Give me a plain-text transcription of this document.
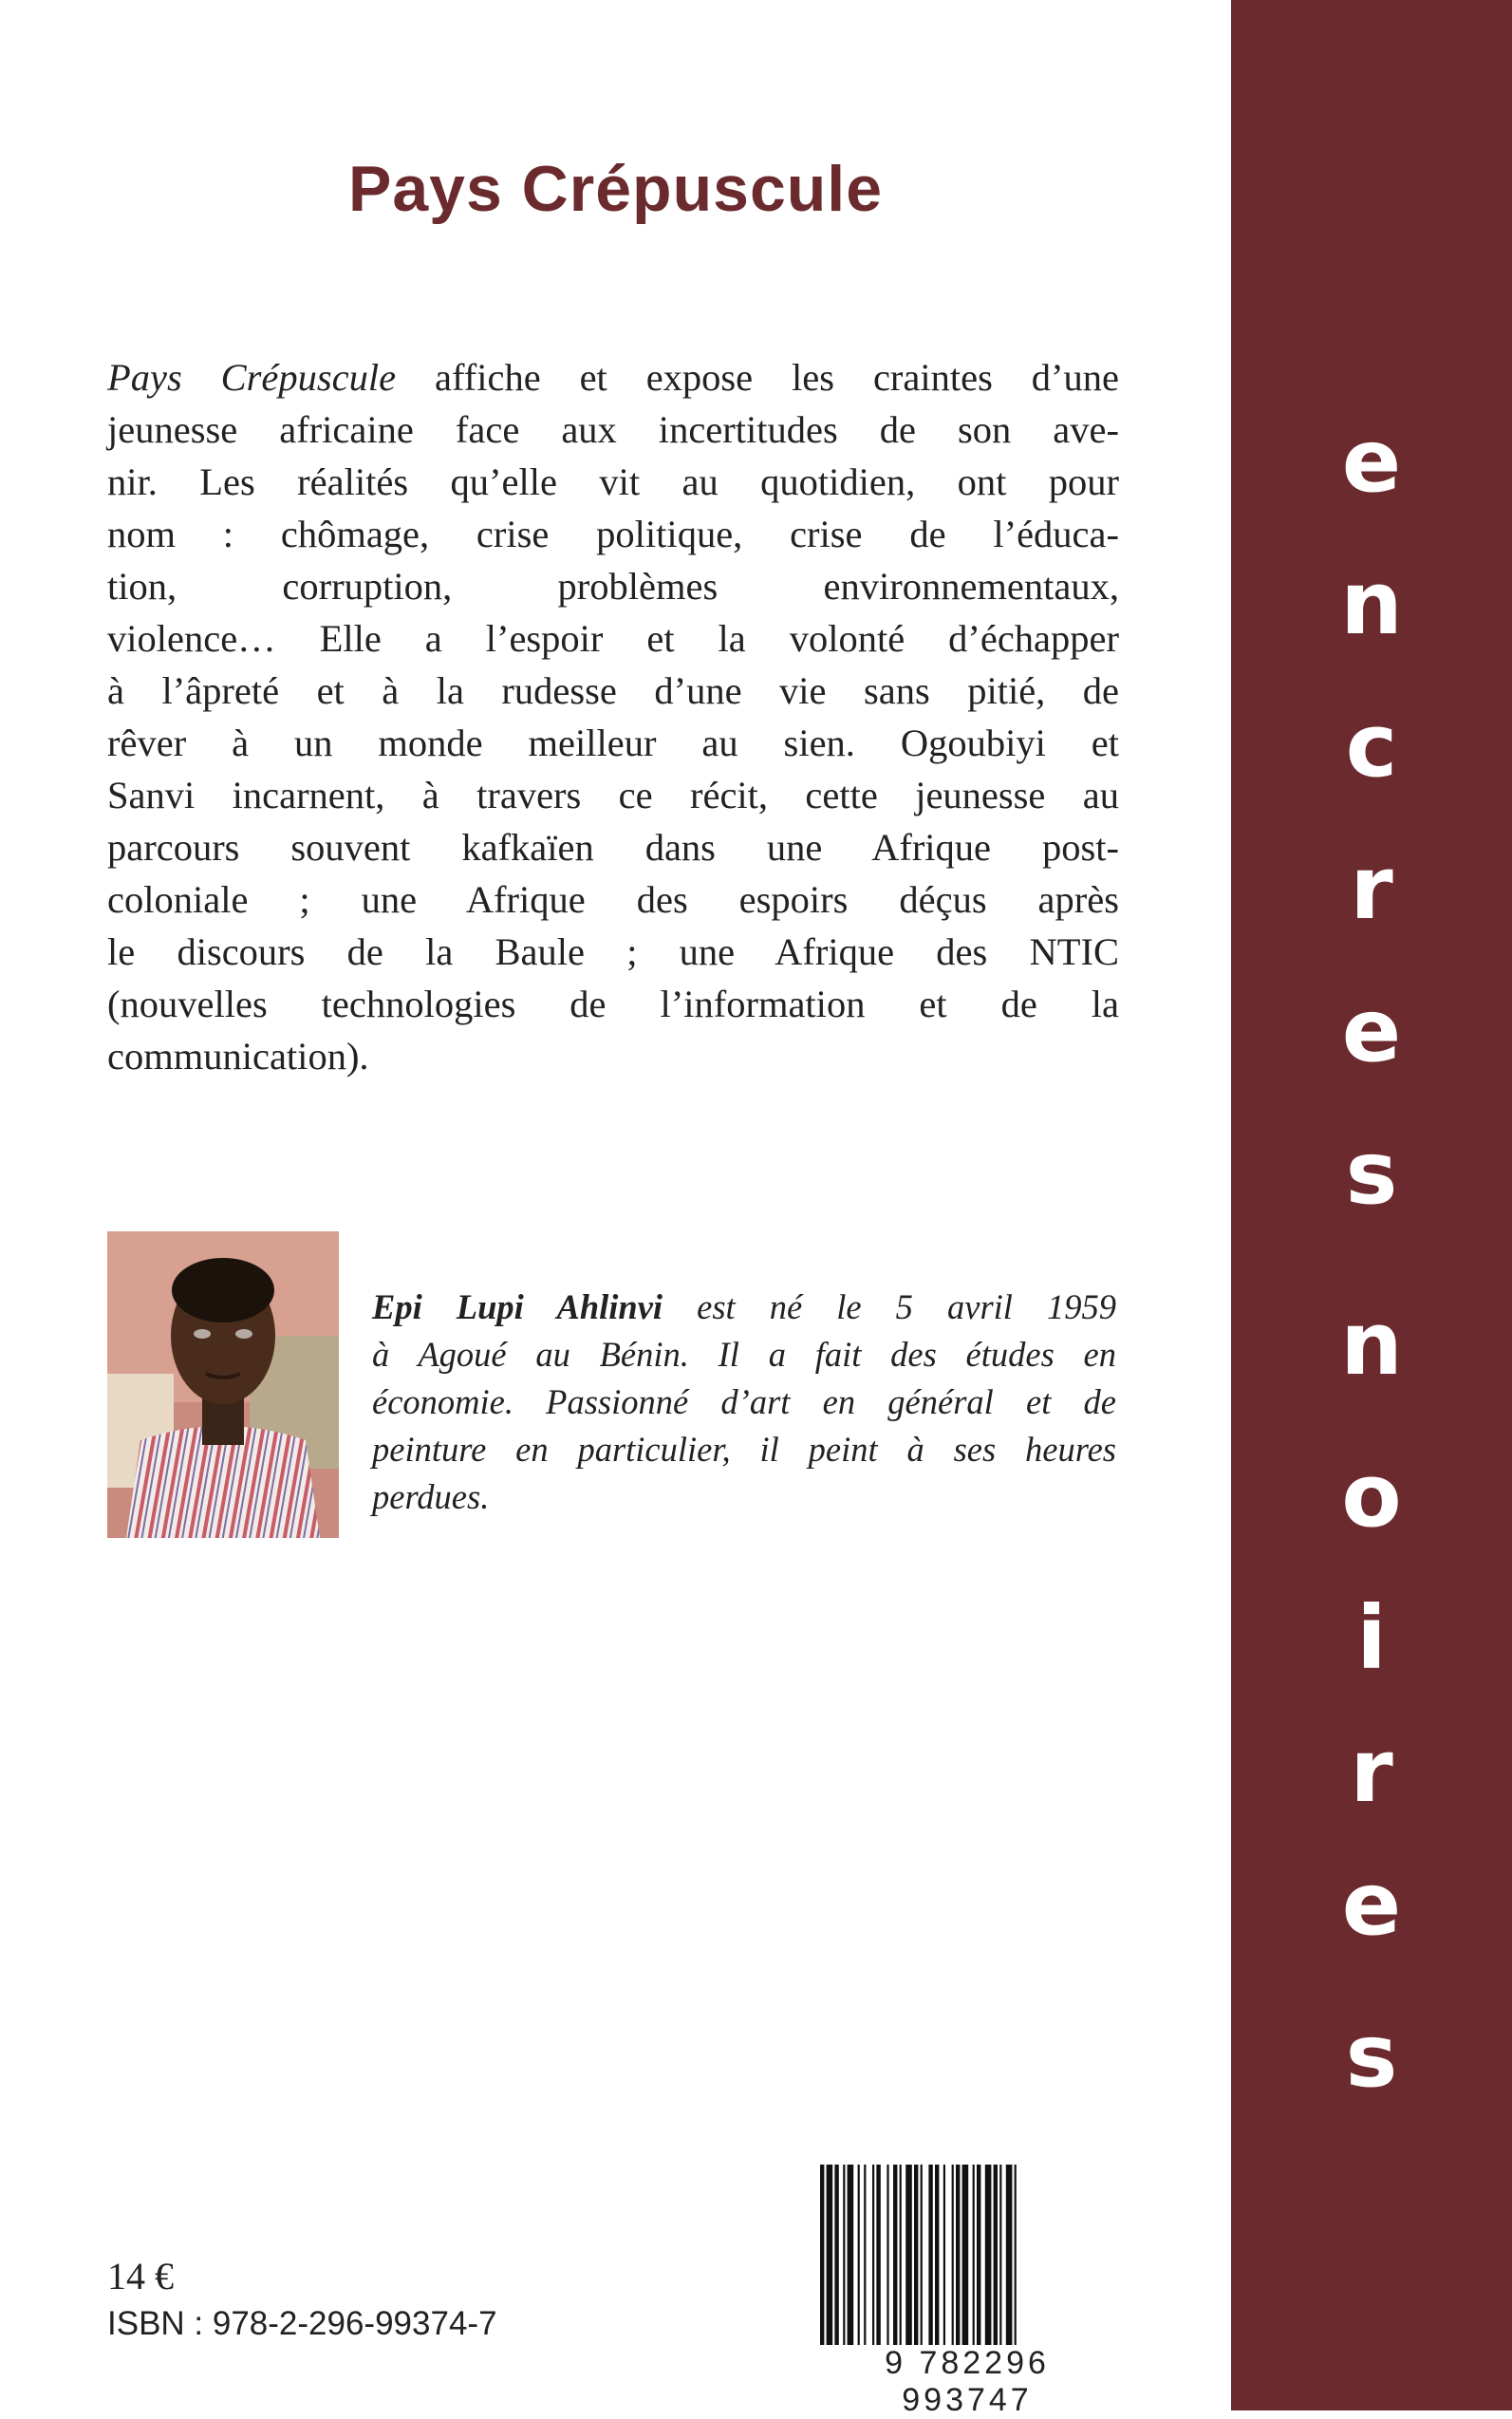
e
n
c
r
e
s
n
o
i
r
e
s
Pays Crépuscule
Pays Crépuscule affiche et expose les craintes d’une
jeunesse africaine face aux incertitudes de son ave-
nir. Les réalités qu’elle vit au quotidien, ont pour
nom : chômage, crise politique, crise de l’éduca-
tion, corruption, problèmes environnementaux,
violence… Elle a l’espoir et la volonté d’échapper
à l’âpreté et à la rudesse d’une vie sans pitié, de
rêver à un monde meilleur au sien. Ogoubiyi et
Sanvi incarnent, à travers ce récit, cette jeunesse au
parcours souvent kafkaïen dans une Afrique post-
coloniale ; une Afrique des espoirs déçus après
le discours de la Baule ; une Afrique des NTIC
(nouvelles technologies de l’information et de la
communication).
Epi Lupi Ahlinvi est né le 5 avril 1959
à Agoué au Bénin. Il a fait des études en
économie. Passionné d’art en général et de
peinture en particulier, il peint à ses heures
perdues.
14 €
ISBN : 978-2-296-99374-7
9 782296 993747
